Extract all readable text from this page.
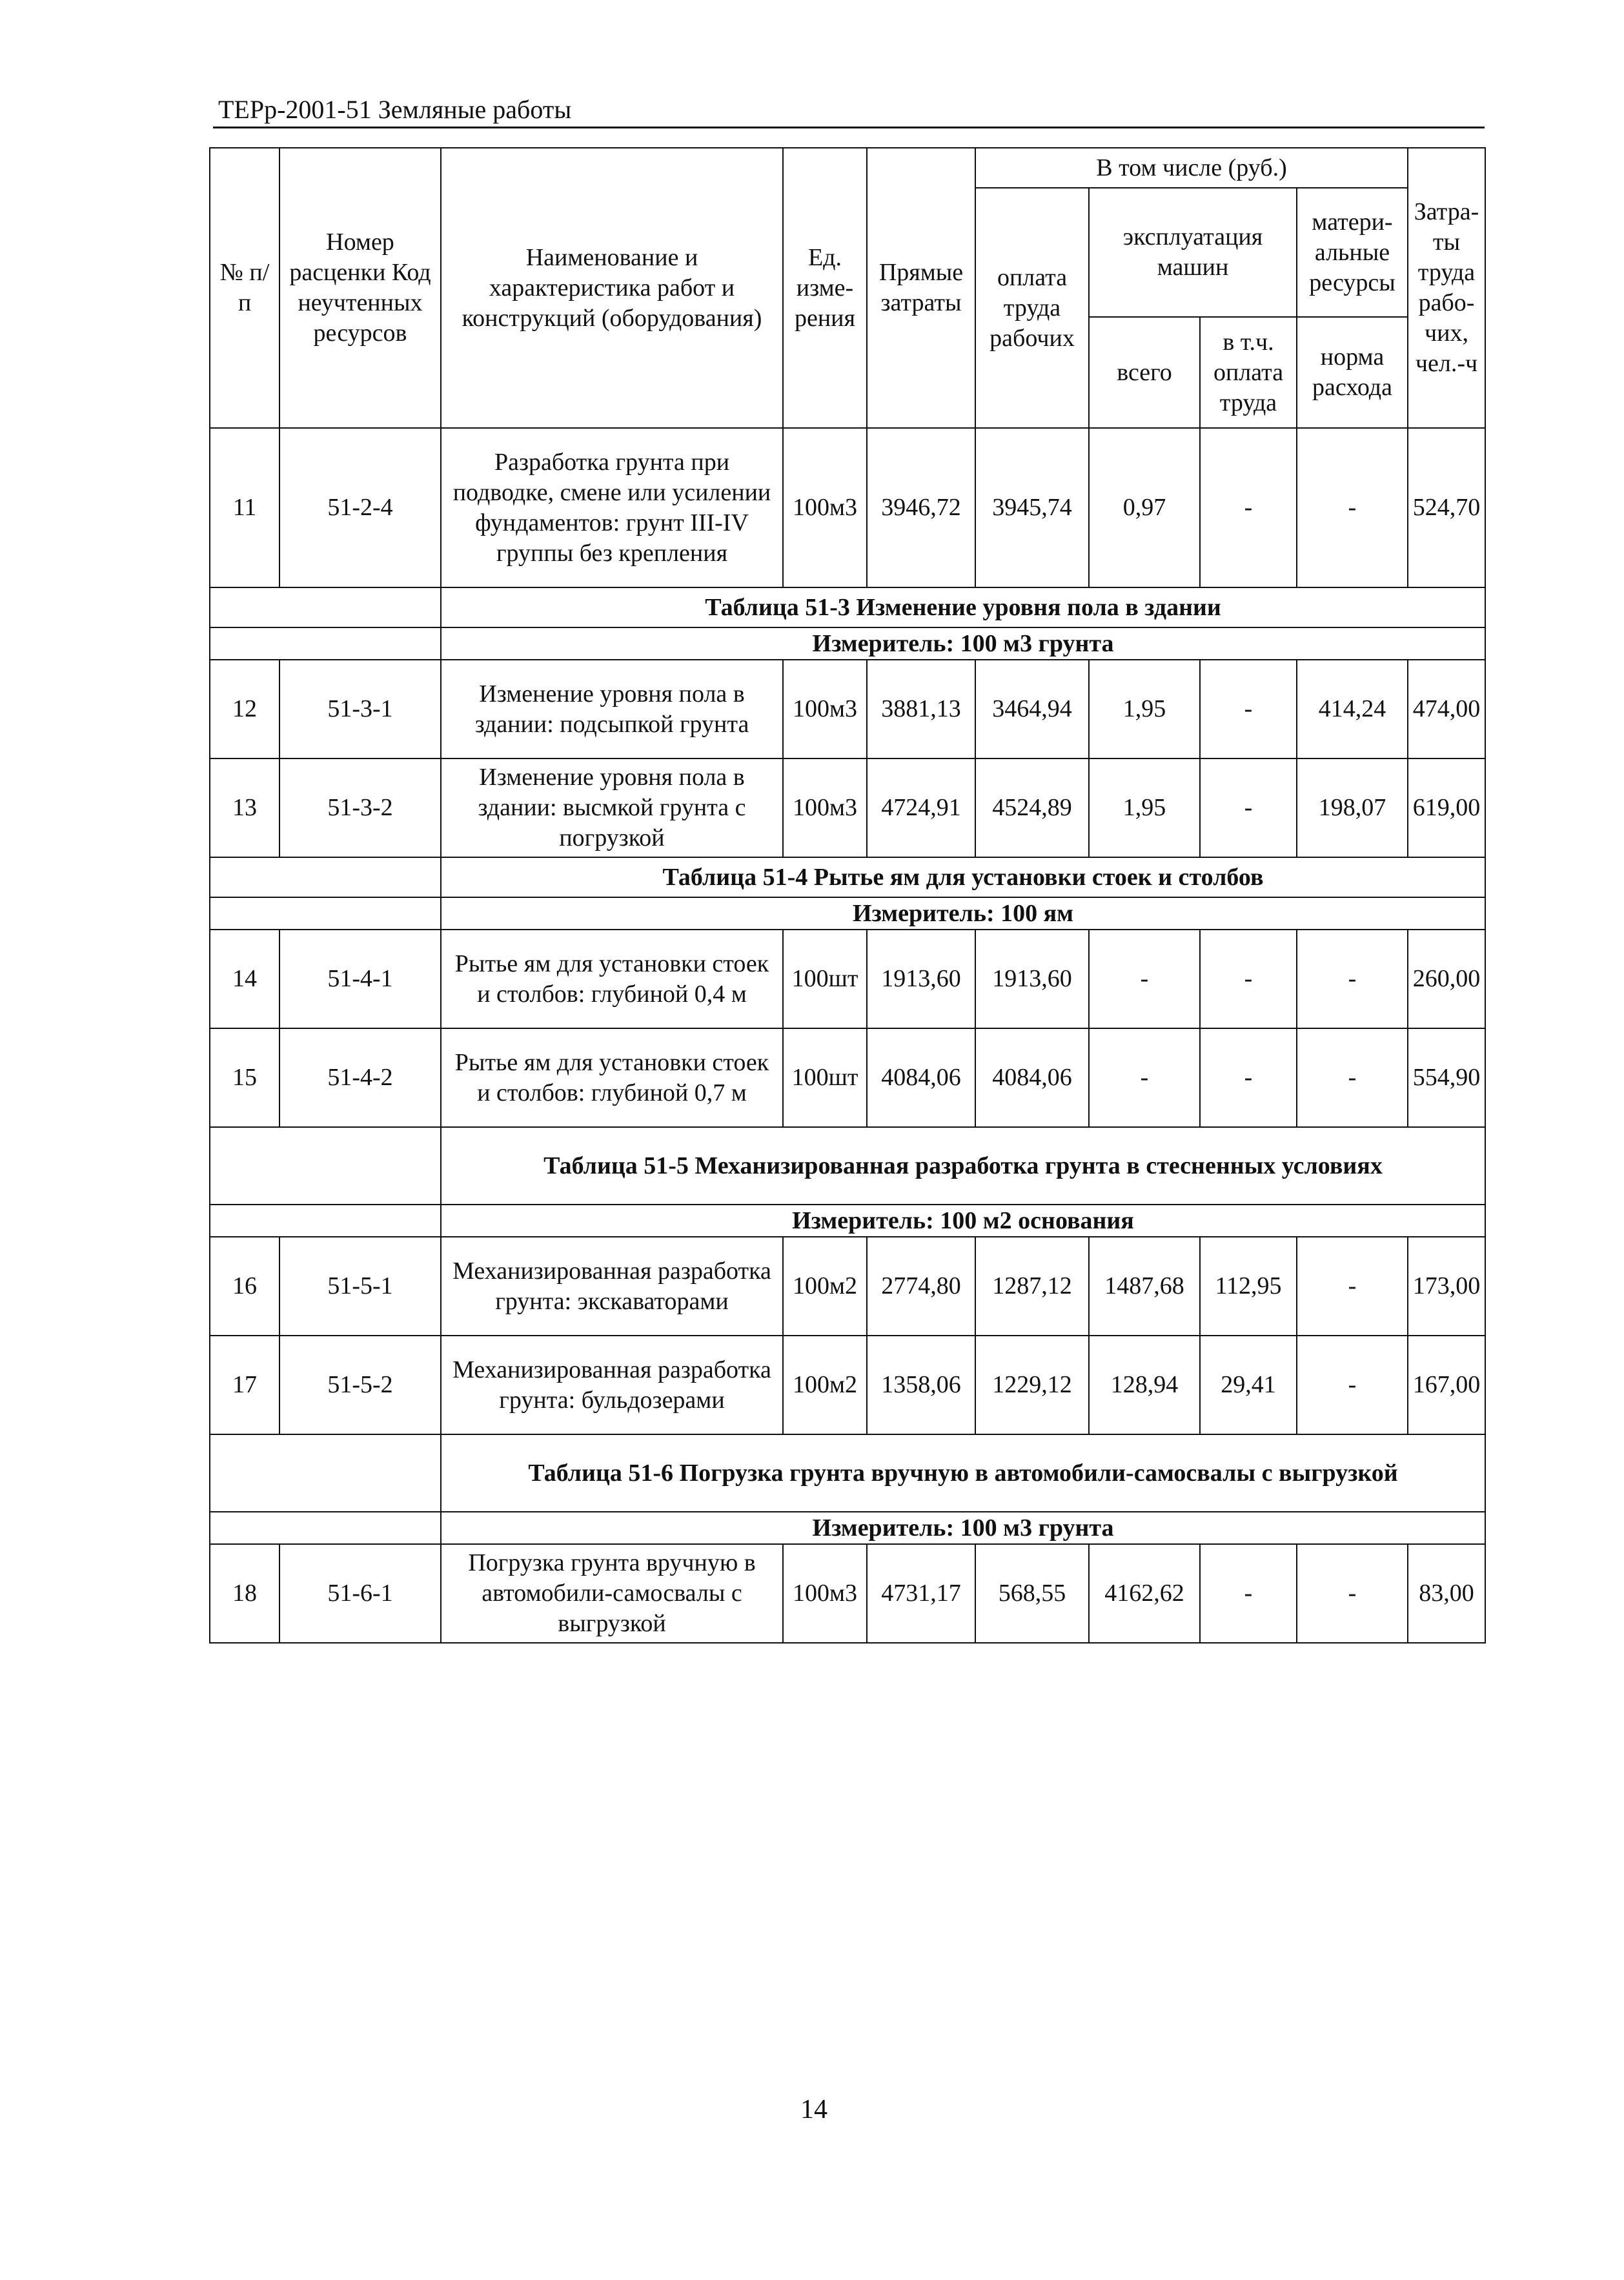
ТЕРр-2001-51 Земляные работы
№ п/п	Номер расценки Код неучтенных ресурсов	Наименование и характеристика работ и конструкций (оборудования)	Ед. изме-рения	Прямые затраты	В том числе (руб.)				Затра-ты труда рабо-чих, чел.-ч
					оплата труда рабочих	эксплуатация машин		матери-альные ресурсы	
						всего	в т.ч. оплата труда	норма расхода	
11	51-2-4	Разработка грунта при подводке, смене или усилении фундаментов: грунт III-IV группы без крепления	100м3	3946,72	3945,74	0,97	-	-	524,70
		Таблица 51-3 Изменение уровня пола в здании							
		Измеритель: 100 м3 грунта							
12	51-3-1	Изменение уровня пола в здании: подсыпкой грунта	100м3	3881,13	3464,94	1,95	-	414,24	474,00
13	51-3-2	Изменение уровня пола в здании: высмкой грунта с погрузкой	100м3	4724,91	4524,89	1,95	-	198,07	619,00
		Таблица 51-4 Рытье ям для установки стоек и столбов							
		Измеритель: 100 ям							
14	51-4-1	Рытье ям для установки стоек и столбов: глубиной 0,4 м	100шт	1913,60	1913,60	-	-	-	260,00
15	51-4-2	Рытье ям для установки стоек и столбов: глубиной 0,7 м	100шт	4084,06	4084,06	-	-	-	554,90
		Таблица 51-5 Механизированная разработка грунта в стесненных условиях							
		Измеритель: 100 м2 основания							
16	51-5-1	Механизированная разработка грунта: экскаваторами	100м2	2774,80	1287,12	1487,68	112,95	-	173,00
17	51-5-2	Механизированная разработка грунта: бульдозерами	100м2	1358,06	1229,12	128,94	29,41	-	167,00
		Таблица 51-6 Погрузка грунта вручную в автомобили-самосвалы с выгрузкой							
		Измеритель: 100 м3 грунта							
18	51-6-1	Погрузка грунта вручную в автомобили-самосвалы с выгрузкой	100м3	4731,17	568,55	4162,62	-	-	83,00
14
